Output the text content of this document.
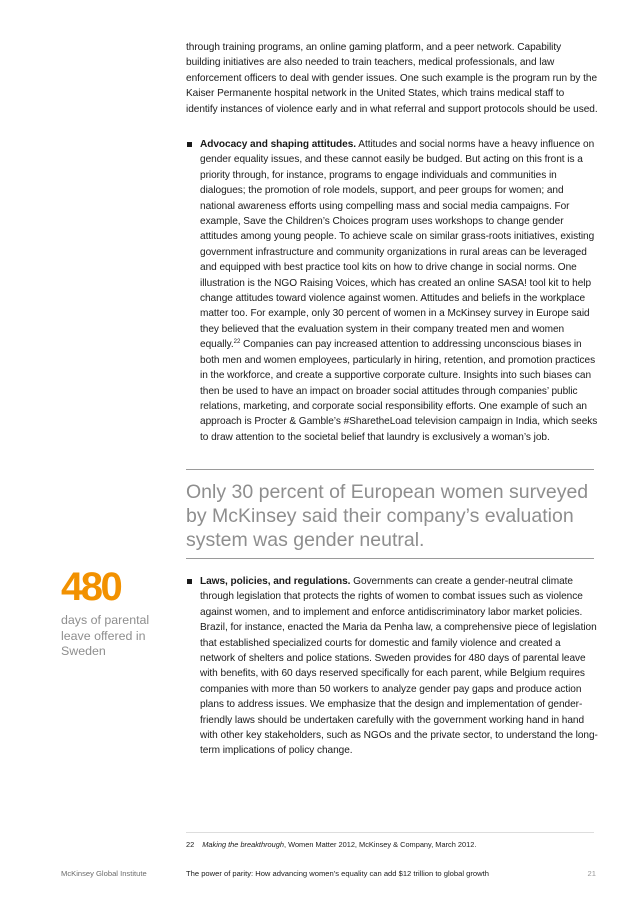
through training programs, an online gaming platform, and a peer network. Capability building initiatives are also needed to train teachers, medical professionals, and law enforcement officers to deal with gender issues. One such example is the program run by the Kaiser Permanente hospital network in the United States, which trains medical staff to identify instances of violence early and in what referral and support protocols should be used.

Advocacy and shaping attitudes. Attitudes and social norms have a heavy influence on gender equality issues, and these cannot easily be budged. But acting on this front is a priority through, for instance, programs to engage individuals and communities in dialogues; the promotion of role models, support, and peer groups for women; and national awareness efforts using compelling mass and social media campaigns. For example, Save the Children’s Choices program uses workshops to change gender attitudes among young people. To achieve scale on similar grass-roots initiatives, existing government infrastructure and community organizations in rural areas can be leveraged and equipped with best practice tool kits on how to drive change in social norms. One illustration is the NGO Raising Voices, which has created an online SASA! tool kit to help change attitudes toward violence against women. Attitudes and beliefs in the workplace matter too. For example, only 30 percent of women in a McKinsey survey in Europe said they believed that the evaluation system in their company treated men and women equally.$^{22}$ Companies can pay increased attention to addressing unconscious biases in both men and women employees, particularly in hiring, retention, and promotion practices in the workforce, and create a supportive corporate culture. Insights into such biases can then be used to have an impact on broader social attitudes through companies’ public relations, marketing, and corporate social responsibility efforts. One example of such an approach is Procter & Gamble’s #SharetheLoad television campaign in India, which seeks to draw attention to the societal belief that laundry is exclusively a woman’s job.

Only 30 percent of European women surveyed by McKinsey said their company’s evaluation system was gender neutral.

480

days of parental leave offered in Sweden

Laws, policies, and regulations. Governments can create a gender-neutral climate through legislation that protects the rights of women to combat issues such as violence against women, and to implement and enforce antidiscriminatory labor market policies. Brazil, for instance, enacted the Maria da Penha law, a comprehensive piece of legislation that established specialized courts for domestic and family violence and created a network of shelters and police stations. Sweden provides for 480 days of parental leave with benefits, with 60 days reserved specifically for each parent, while Belgium requires companies with more than 50 workers to analyze gender pay gaps and produce action plans to address issues. We emphasize that the design and implementation of gender-friendly laws should be undertaken carefully with the government working hand in hand with other key stakeholders, such as NGOs and the private sector, to understand the long-term implications of policy change.

22 Making the breakthrough, Women Matter 2012, McKinsey & Company, March 2012.

McKinsey Global Institute	The power of parity: How advancing women’s equality can add $12 trillion to global growth	21
